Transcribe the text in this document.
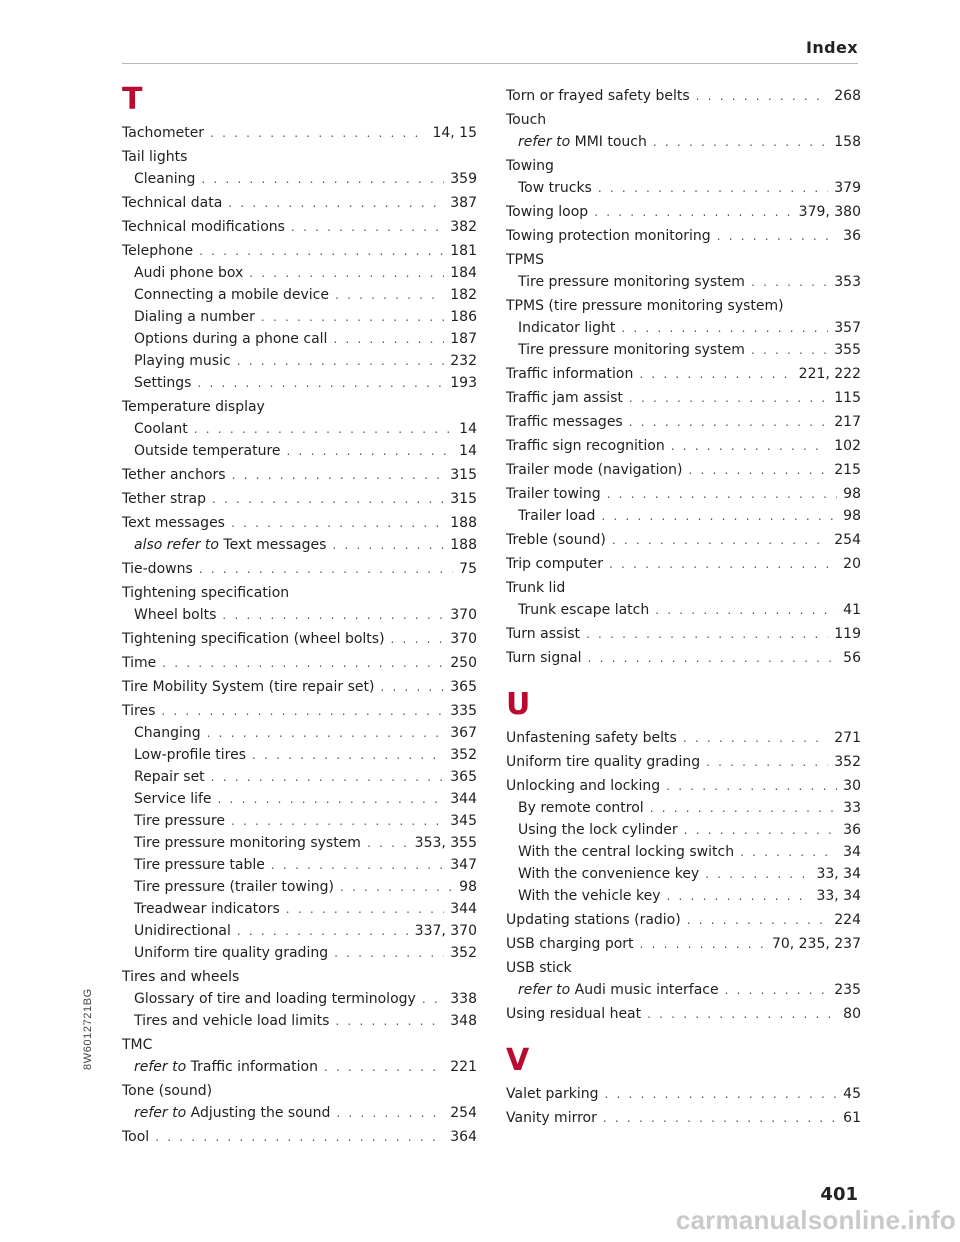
Index
T
Tachometer . . .	14, 15
Tail lights
Cleaning . . .	359
Technical data . . .	387
Technical modifications . . .	382
Telephone . . .	181
Audi phone box . . .	184
Connecting a mobile device . . .	182
Dialing a number . . .	186
Options during a phone call . . .	187
Playing music . . .	232
Settings . . .	193
Temperature display
Coolant . . .	14
Outside temperature . . .	14
Tether anchors . . .	315
Tether strap . . .	315
Text messages . . .	188
also refer to Text messages . . .	188
Tie-downs . . .	75
Tightening specification
Wheel bolts . . .	370
Tightening specification (wheel bolts) . . .	370
Time . . .	250
Tire Mobility System (tire repair set) . . .	365
Tires . . .	335
Changing . . .	367
Low-profile tires . . .	352
Repair set . . .	365
Service life . . .	344
Tire pressure . . .	345
Tire pressure monitoring system . . .	353, 355
Tire pressure table . . .	347
Tire pressure (trailer towing) . . .	98
Treadwear indicators . . .	344
Unidirectional . . .	337, 370
Uniform tire quality grading . . .	352
Tires and wheels
Glossary of tire and loading terminology . . . 338
Tires and vehicle load limits . . .	348
TMC
refer to Traffic information . . .	221
Tone (sound)
refer to Adjusting the sound . . .	254
Tool . . .	364
Torn or frayed safety belts . . .	268
Touch
refer to MMI touch . . .	158
Towing
Tow trucks . . .	379
Towing loop . . .	379, 380
Towing protection monitoring . . .	36
TPMS
Tire pressure monitoring system . . .	353
TPMS (tire pressure monitoring system)
Indicator light . . .	357
Tire pressure monitoring system . . .	355
Traffic information . . .	221, 222
Traffic jam assist . . .	115
Traffic messages . . .	217
Traffic sign recognition . . .	102
Trailer mode (navigation) . . .	215
Trailer towing . . .	98
Trailer load . . .	98
Treble (sound) . . .	254
Trip computer . . .	20
Trunk lid
Trunk escape latch . . .	41
Turn assist . . .	119
Turn signal . . .	56
U
Unfastening safety belts . . .	271
Uniform tire quality grading . . .	352
Unlocking and locking . . .	30
By remote control . . .	33
Using the lock cylinder . . .	36
With the central locking switch . . .	34
With the convenience key . . .	33, 34
With the vehicle key . . .	33, 34
Updating stations (radio) . . .	224
USB charging port . . .	70, 235, 237
USB stick
refer to Audi music interface . . .	235
Using residual heat . . .	80
V
Valet parking . . .	45
Vanity mirror . . .	61
8W6012721BG
401
carmanualsonline.info
